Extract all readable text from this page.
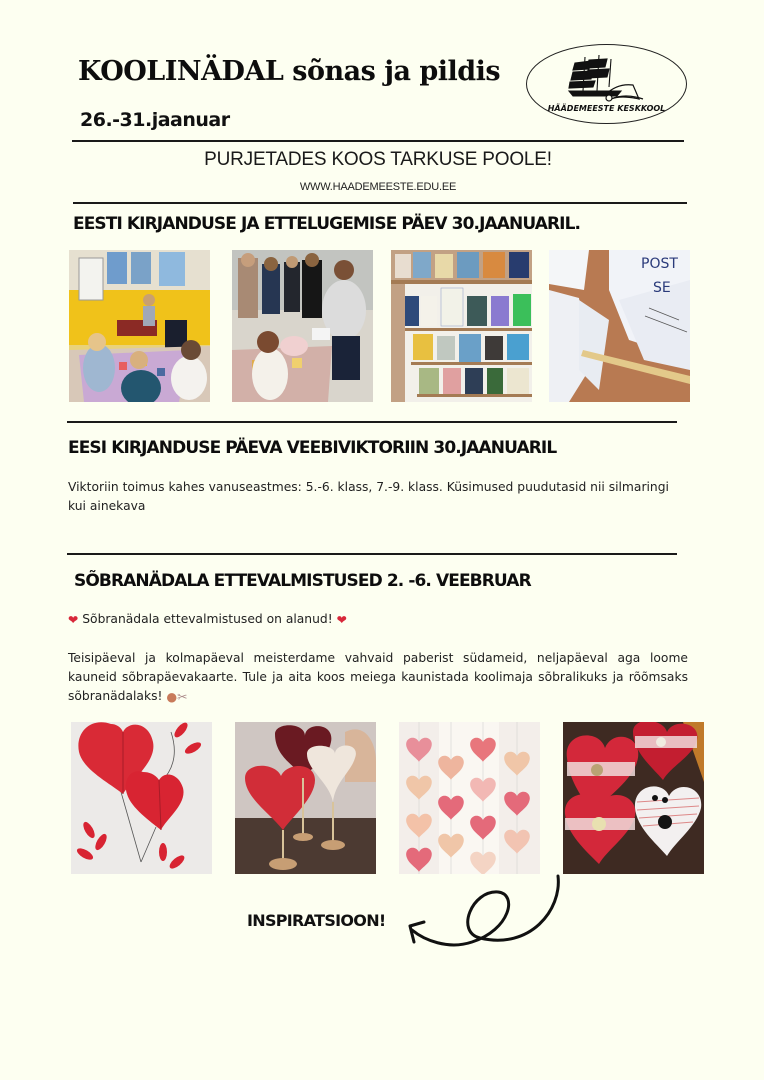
KOOLINÄDAL sõnas ja pildis
26.-31.jaanuar
HÄÄDEMEESTE KESKKOOL
PURJETADES KOOS TARKUSE POOLE!
WWW.HAADEMEESTE.EDU.EE
EESTI KIRJANDUSE JA ETTELUGEMISE PÄEV 30.JAANUARIL.
POST
SE
EESI KIRJANDUSE PÄEVA VEEBIVIKTORIIN 30.JAANUARIL
Viktoriin toimus kahes vanuseastmes: 5.-6. klass, 7.-9. klass. Küsimused puudutasid nii silmaringi kui ainekava
SÕBRANÄDALA ETTEVALMISTUSED 2. -6. VEEBRUAR
❤ Sõbranädala ettevalmistused on alanud! ❤
Teisipäeval ja kolmapäeval meisterdame vahvaid paberist südameid, neljapäeval aga loome kauneid sõbrapäevakaarte. Tule ja aita koos meiega kaunistada koolimaja sõbralikuks ja rõõmsaks sõbranädalaks! ●✂
INSPIRATSIOON!
